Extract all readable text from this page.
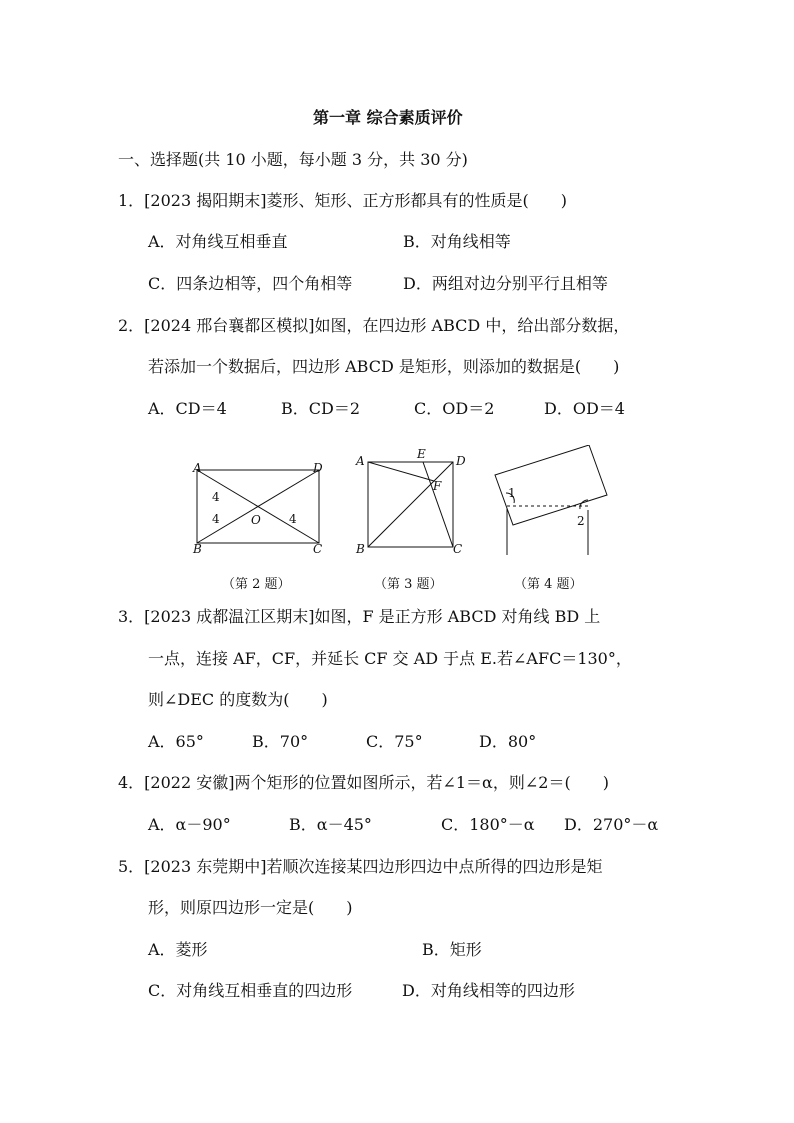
第一章 综合素质评价
一、选择题(共 10 小题，每小题 3 分，共 30 分)
1．[2023 揭阳期末]菱形、矩形、正方形都具有的性质是(　　)
A．对角线互相垂直	B．对角线相等
C．四条边相等，四个角相等	D．两组对边分别平行且相等
2．[2024 邢台襄都区模拟]如图，在四边形 ABCD 中，给出部分数据，
若添加一个数据后，四边形 ABCD 是矩形，则添加的数据是(　　)
A．CD＝4	B．CD＝2	C．OD＝2	D．OD＝4
A	D
B	C
O
4
4	4
（第 2 题）
A	E	D
F
B	C
（第 3 题）
1
2
（第 4 题）
3．[2023 成都温江区期末]如图，F 是正方形 ABCD 对角线 BD 上
一点，连接 AF，CF，并延长 CF 交 AD 于点 E.若∠AFC＝130°，
则∠DEC 的度数为(　　)
A．65°	B．70°	C．75°	D．80°
4．[2022 安徽]两个矩形的位置如图所示，若∠1＝α，则∠2＝(　　)
A．α－90°	B．α－45°	C．180°－α D．270°－α
5．[2023 东莞期中]若顺次连接某四边形四边中点所得的四边形是矩
形，则原四边形一定是(　　)
A．菱形	B．矩形
C．对角线互相垂直的四边形	D．对角线相等的四边形
